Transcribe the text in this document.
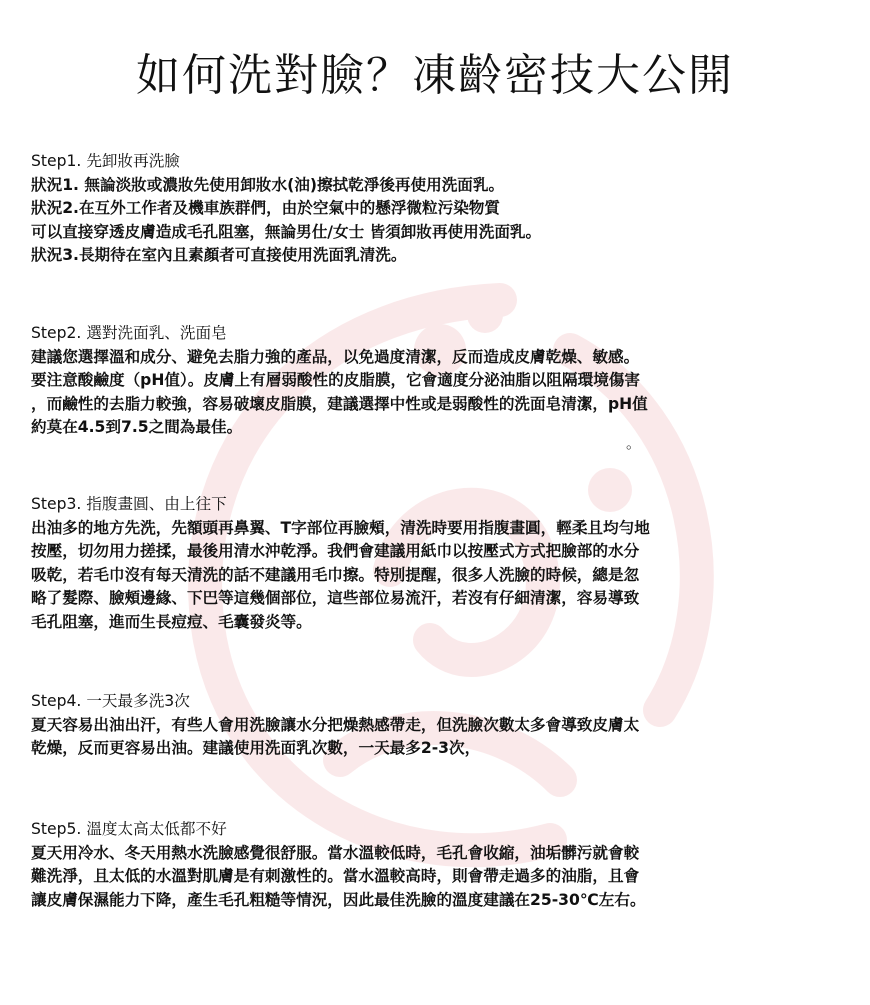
如何洗對臉？凍齡密技大公開
Step1. 先卸妝再洗臉
狀況1. 無論淡妝或濃妝先使用卸妝水(油)擦拭乾淨後再使用洗面乳。
狀況2.在互外工作者及機車族群們，由於空氣中的懸浮微粒污染物質
可以直接穿透皮膚造成毛孔阻塞，無論男仕/女士 皆須卸妝再使用洗面乳。
狀況3.長期待在室內且素顏者可直接使用洗面乳清洗。
Step2. 選對洗面乳、洗面皂
建議您選擇溫和成分、避免去脂力強的產品，以免過度清潔，反而造成皮膚乾燥、敏感。
要注意酸鹼度（pH值）。皮膚上有層弱酸性的皮脂膜，它會適度分泌油脂以阻隔環境傷害
，而鹼性的去脂力較強，容易破壞皮脂膜，建議選擇中性或是弱酸性的洗面皂清潔，pH值
約莫在4.5到7.5之間為最佳。
。
Step3. 指腹畫圓、由上往下
出油多的地方先洗，先額頭再鼻翼、T字部位再臉頰，清洗時要用指腹畫圓，輕柔且均勻地
按壓，切勿用力搓揉，最後用清水沖乾淨。我們會建議用紙巾以按壓式方式把臉部的水分
吸乾，若毛巾沒有每天清洗的話不建議用毛巾擦。特別提醒，很多人洗臉的時候，總是忽
略了髮際、臉頰邊緣、下巴等這幾個部位，這些部位易流汗，若沒有仔細清潔，容易導致
毛孔阻塞，進而生長痘痘、毛囊發炎等。
Step4. 一天最多洗3次
夏天容易出油出汗，有些人會用洗臉讓水分把燥熱感帶走，但洗臉次數太多會導致皮膚太
乾燥，反而更容易出油。建議使用洗面乳次數，一天最多2-3次，
Step5. 溫度太高太低都不好
夏天用冷水、冬天用熱水洗臉感覺很舒服。當水溫較低時，毛孔會收縮，油垢髒污就會較
難洗淨，且太低的水溫對肌膚是有刺激性的。當水溫較高時，則會帶走過多的油脂，且會
讓皮膚保濕能力下降，產生毛孔粗糙等情況，因此最佳洗臉的溫度建議在25-30℃左右。
